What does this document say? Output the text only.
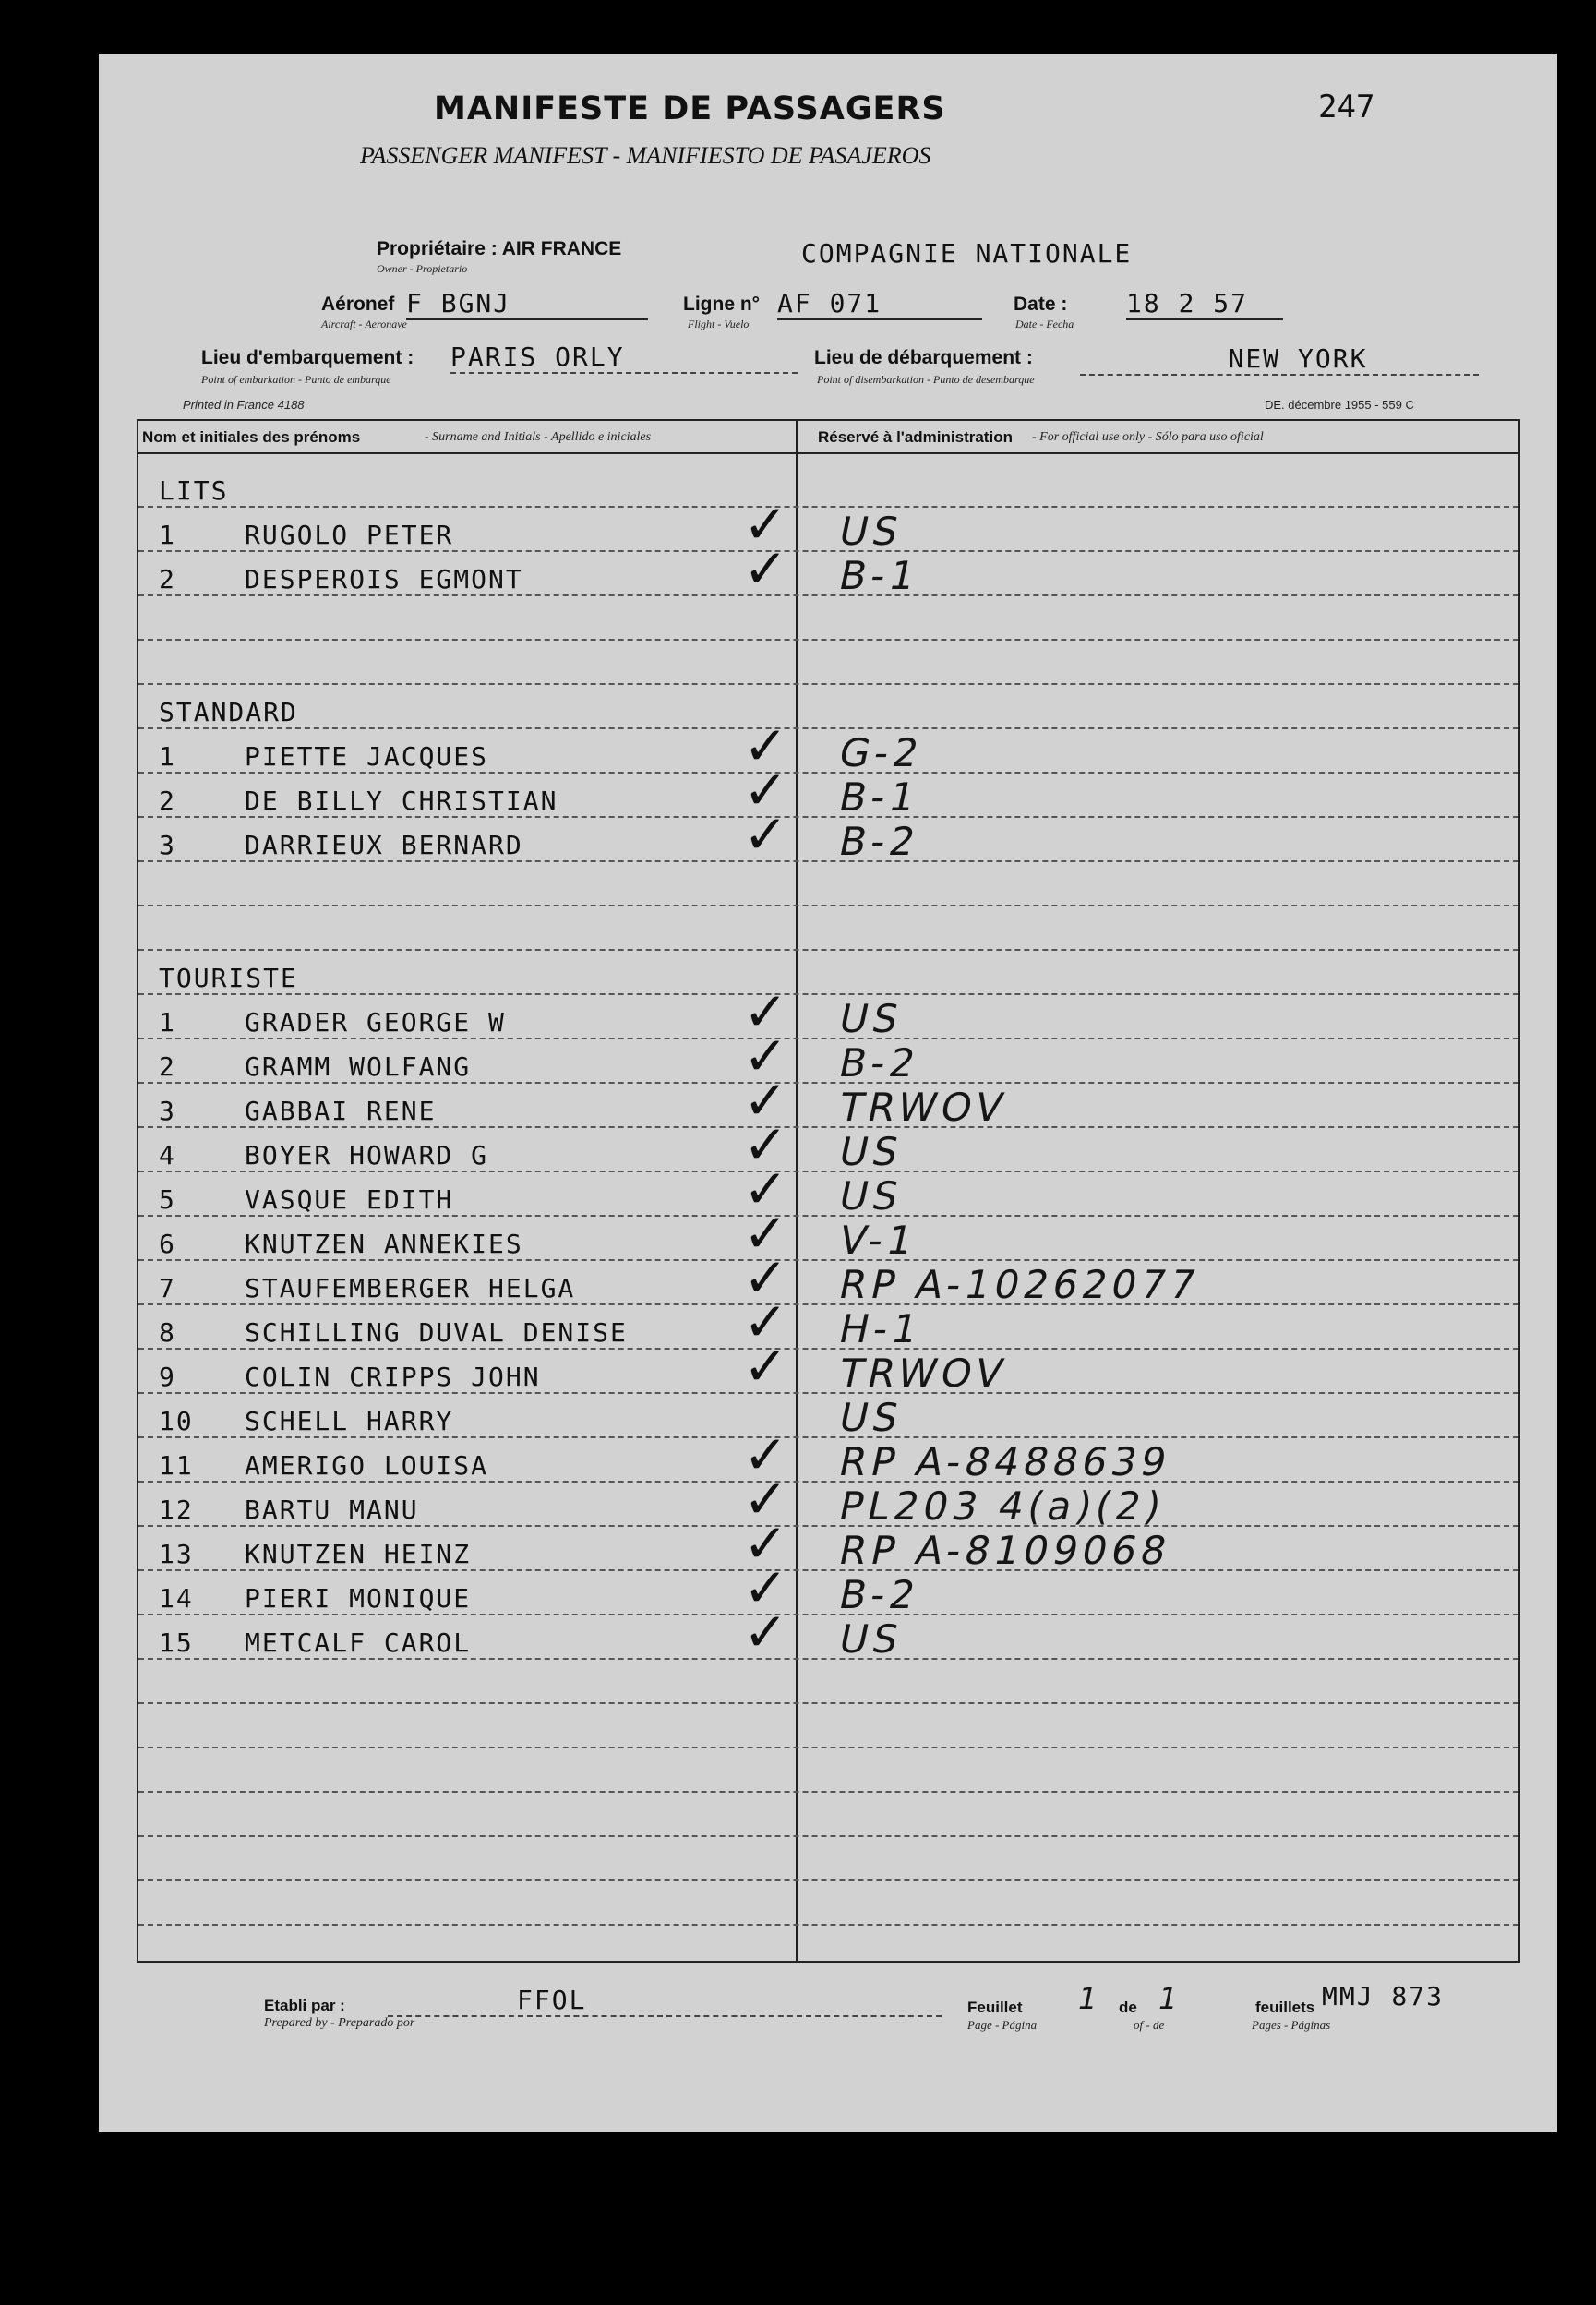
247
MANIFESTE DE PASSAGERS
PASSENGER MANIFEST - MANIFIESTO DE PASAJEROS
Propriétaire : AIR FRANCE
Owner - Propietario	COMPAGNIE NATIONALE
Aéronef
Aircraft - Aeronave
F BGNJ	Ligne n°
Flight - Vuelo
AF 071	Date :
Date - Fecha
18 2 57
Lieu d'embarquement :
Point of embarkation - Punto de embarque
PARIS ORLY	Lieu de débarquement :
Point of disembarkation - Punto de desembarque
NEW YORK
Printed in France 4188	DE. décembre 1955 - 559 C
Nom et initiales des prénoms	- Surname and Initials - Apellido e iniciales	Réservé à l'administration - For official use only - Sólo para uso oficial
LITS
1	RUGOLO PETER	✓ US
2	DESPEROIS EGMONT	✓ B-1
STANDARD
1	PIETTE JACQUES	✓ G-2
2	DE BILLY CHRISTIAN	✓ B-1
3	DARRIEUX BERNARD	✓ B-2
TOURISTE
1	GRADER GEORGE W	✓ US
2	GRAMM WOLFANG	✓ B-2
3	GABBAI RENE	✓ TRWOV
4	BOYER HOWARD G	✓ US
5	VASQUE EDITH	✓ US
6	KNUTZEN ANNEKIES	✓ V-1
7	STAUFEMBERGER HELGA	✓ RP A-10262077
8	SCHILLING DUVAL DENISE ✓ H-1
9	COLIN CRIPPS JOHN	✓ TRWOV
10 SCHELL HARRY	US
11 AMERIGO LOUISA	✓ RP A-8488639
12 BARTU MANU	✓ PL203 4(a)(2)
13 KNUTZEN HEINZ	✓ RP A-8109068
14 PIERI MONIQUE	✓ B-2
15 METCALF CAROL	✓ US
Etabli par :
Prepared by - Preparado por
FFOL	Feuillet
Page - Página
1 de
of - de
1	feuillets
Pages - Páginas
MMJ 873
